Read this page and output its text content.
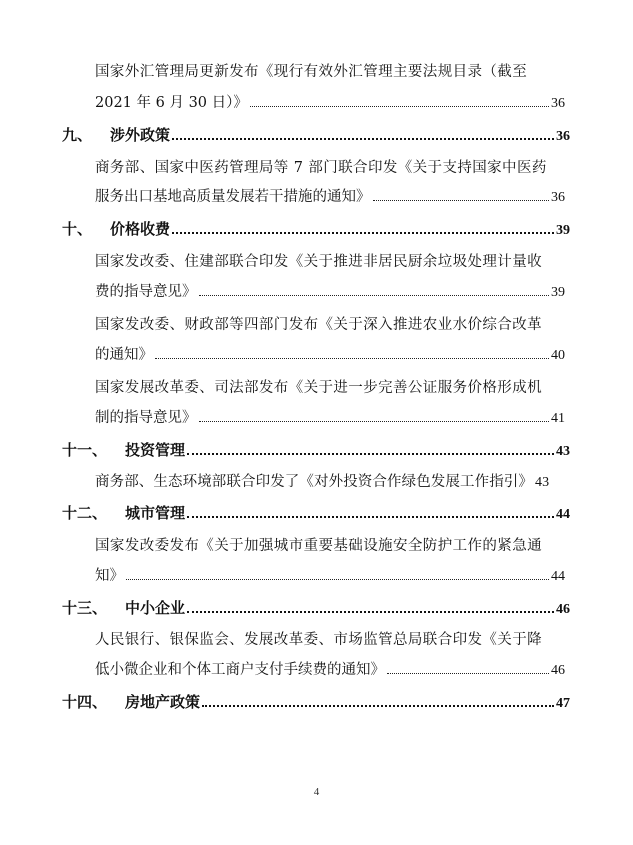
国家外汇管理局更新发布《现行有效外汇管理主要法规目录（截至
2021 年 6 月 30 日）》	36
九、 涉外政策	36
商务部、国家中医药管理局等 7 部门联合印发《关于支持国家中医药
服务出口基地高质量发展若干措施的通知》	36
十、 价格收费	39
国家发改委、住建部联合印发《关于推进非居民厨余垃圾处理计量收
费的指导意见》	39
国家发改委、财政部等四部门发布《关于深入推进农业水价综合改革
的通知》	40
国家发展改革委、司法部发布《关于进一步完善公证服务价格形成机
制的指导意见》	41
十一、 投资管理	43
商务部、生态环境部联合印发了《对外投资合作绿色发展工作指引》 43
十二、 城市管理	44
国家发改委发布《关于加强城市重要基础设施安全防护工作的紧急通
知》	44
十三、 中小企业	46
人民银行、银保监会、发展改革委、市场监管总局联合印发《关于降
低小微企业和个体工商户支付手续费的通知》	46
十四、 房地产政策	47
4
